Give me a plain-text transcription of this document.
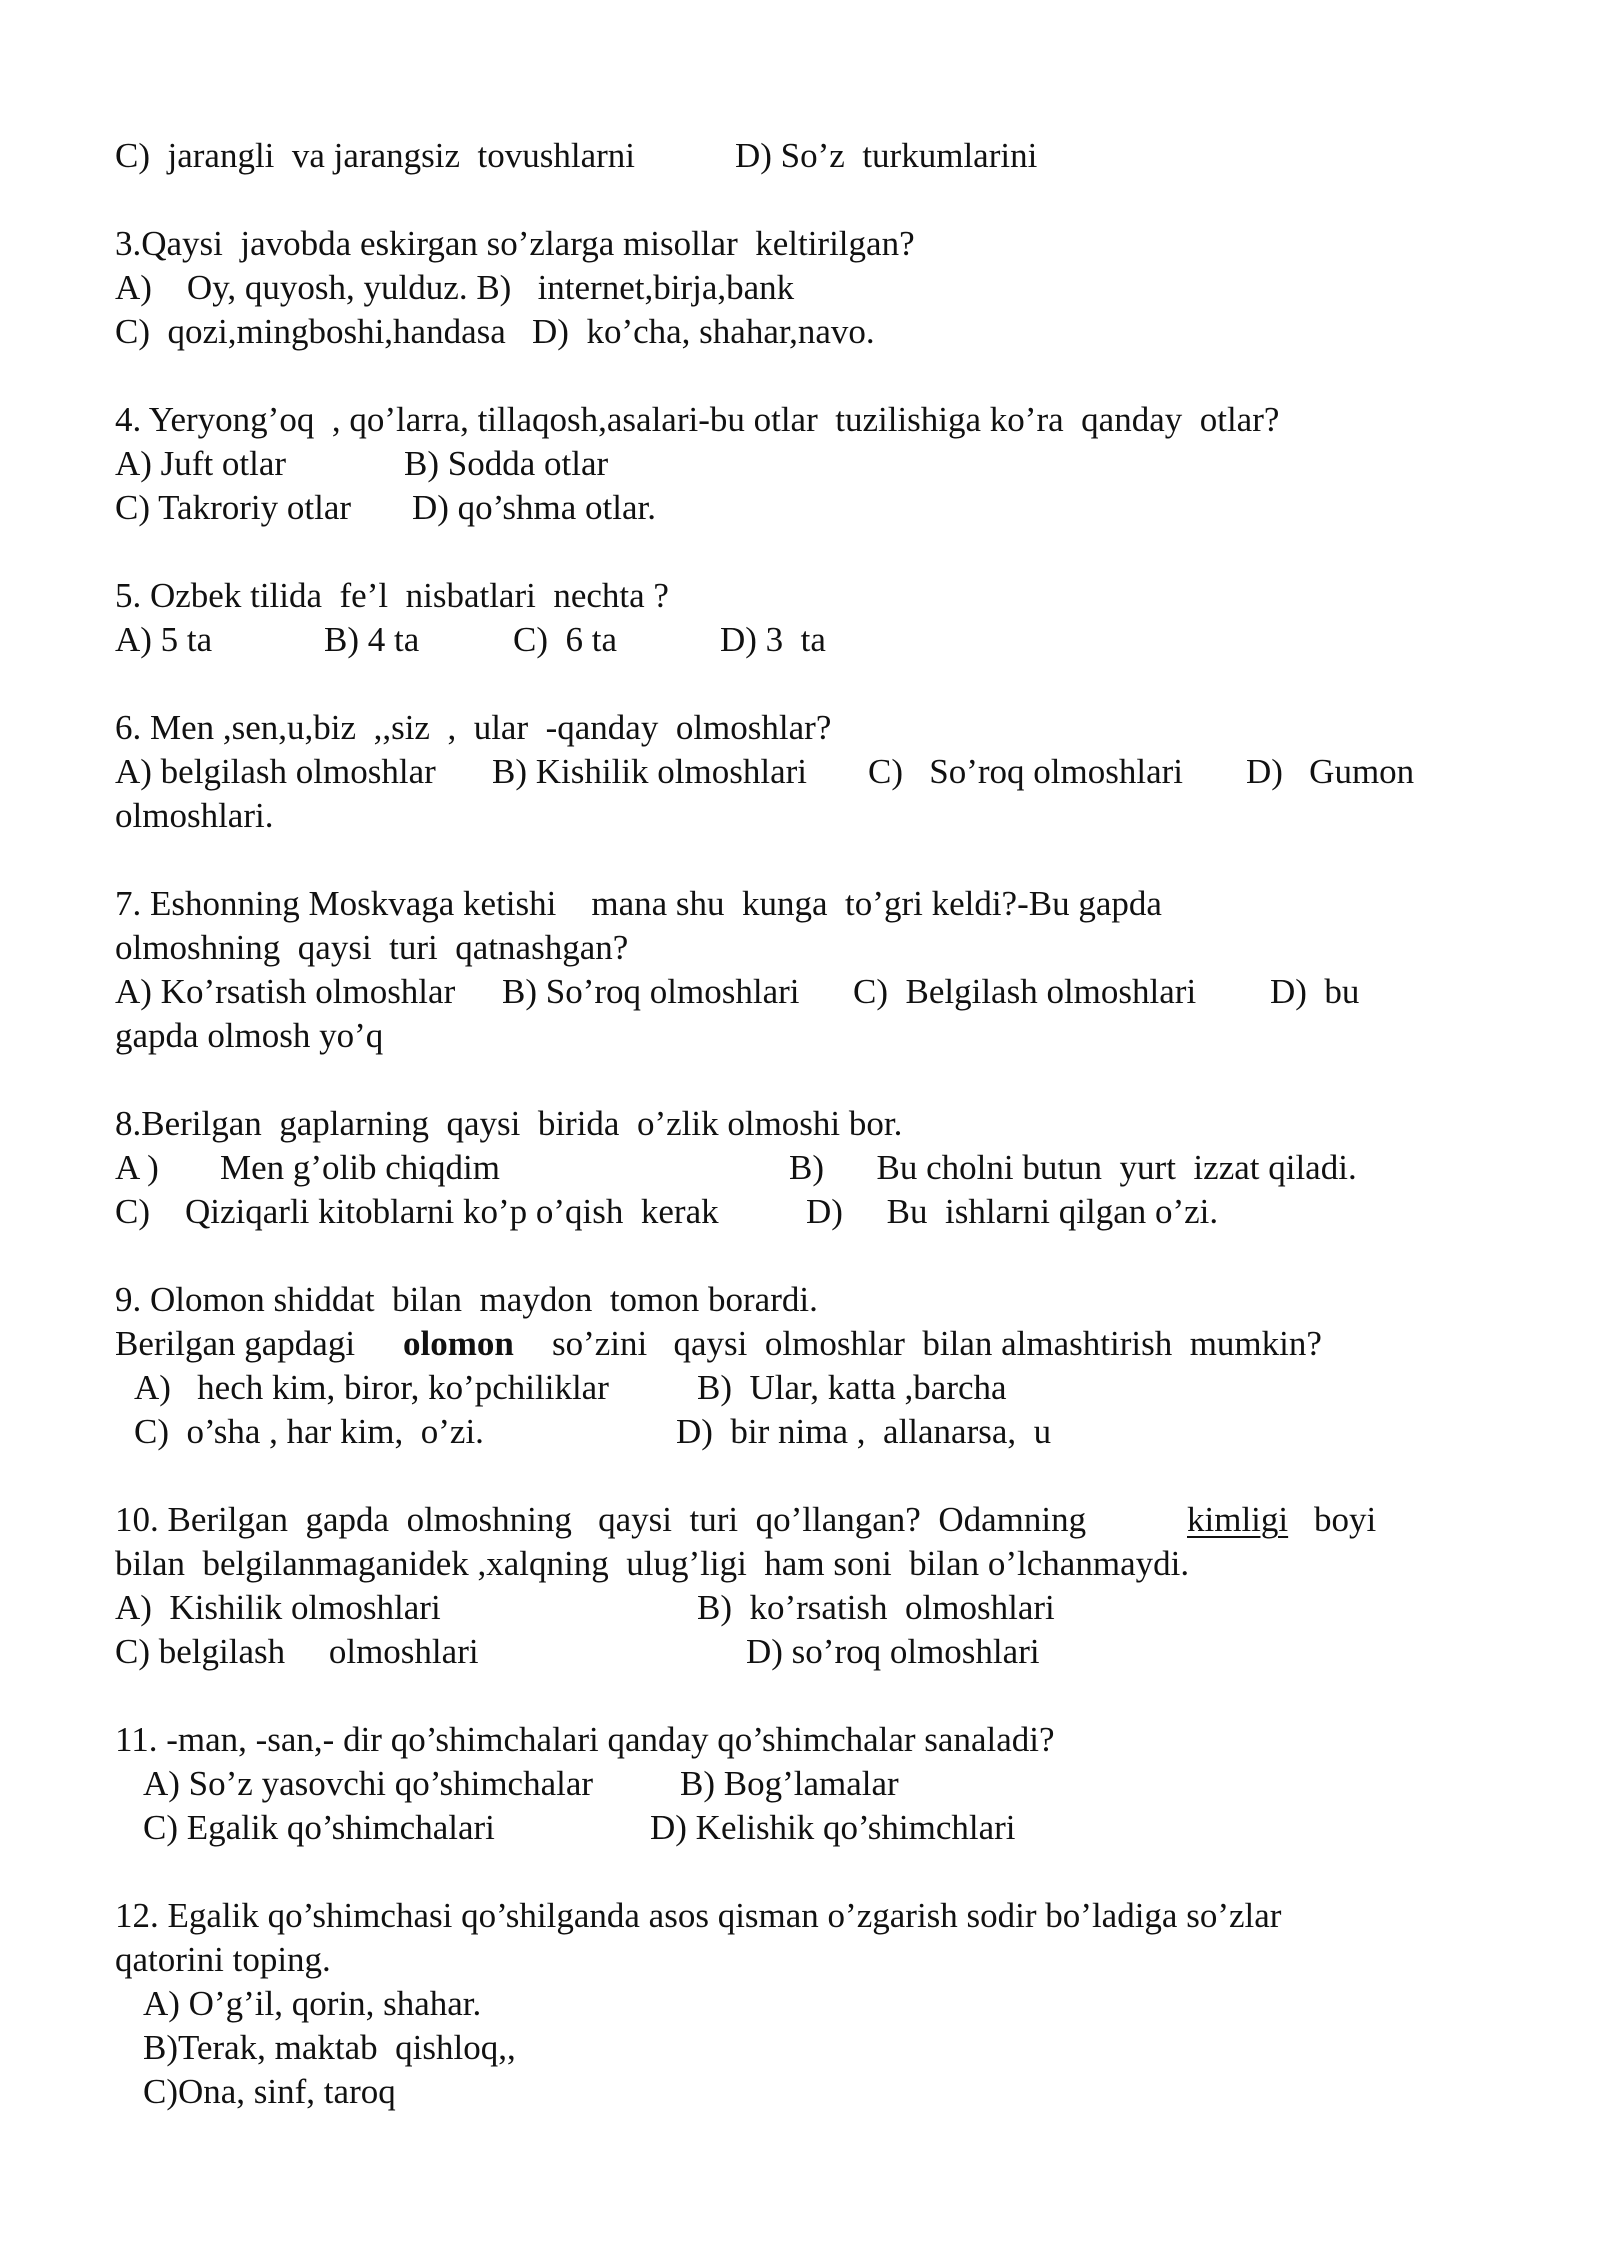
C)  jarangli  va jarangsiz  tovushlarni	D) So’z  turkumlarini

3.Qaysi  javobda eskirgan so’zlarga misollar  keltirilgan?

A)    Oy, quyosh, yulduz. B)   internet,birja,bank

C)  qozi,mingboshi,handasa   D)  ko’cha, shahar,navo.

4. Yeryong’oq  , qo’larra, tillaqosh,asalari-bu otlar  tuzilishiga ko’ra  qanday  otlar?

A) Juft otlar	B) Sodda otlar

C) Takroriy otlar D) qo’shma otlar.

5. Ozbek tilida  fe’l  nisbatlari  nechta ?

A) 5 ta	B) 4 ta	C)  6 ta	D) 3  ta

6. Men ,sen,u,biz  ,,siz  ,  ular  -qanday  olmoshlar?

A) belgilash olmoshlar B) Kishilik olmoshlari C)   So’roq olmoshlari D)   Gumon

olmoshlari.

7. Eshonning Moskvaga ketishi    mana shu  kunga  to’gri keldi?-Bu gapda

olmoshning  qaysi  turi  qatnashgan?

A) Ko’rsatish olmoshlar B) So’roq olmoshlari C)  Belgilash olmoshlari D)  bu

gapda olmosh yo’q

8.Berilgan  gaplarning  qaysi  birida  o’zlik olmoshi bor.

A )       Men g’olib chiqdim	B)      Bu cholni butun  yurt  izzat qiladi.

C)    Qiziqarli kitoblarni ko’p o’qish  kerak D)     Bu  ishlarni qilgan o’zi.

9. Olomon shiddat  bilan  maydon  tomon borardi.

Berilgan gapdagi olomon so’zini   qaysi  olmoshlar  bilan almashtirish  mumkin?

A)   hech kim, biror, ko’pchiliklar	B)  Ular, katta ,barcha

C)  o’sha , har kim,  o’zi.	D)  bir nima ,  allanarsa,  u

10. Berilgan  gapda  olmoshning   qaysi  turi  qo’llangan?  Odamning	kimligi boyi

bilan  belgilanmaganidek ,xalqning  ulug’ligi  ham soni  bilan o’lchanmaydi.

A)  Kishilik olmoshlari	B)  ko’rsatish  olmoshlari

C) belgilash     olmoshlari	D) so’roq olmoshlari

11. -man, -san,- dir qo’shimchalari qanday qo’shimchalar sanaladi?

A) So’z yasovchi qo’shimchalar B) Bog’lamalar

C) Egalik qo’shimchalari	D) Kelishik qo’shimchlari

12. Egalik qo’shimchasi qo’shilganda asos qisman o’zgarish sodir bo’ladiga so’zlar

qatorini toping.

A) O’g’il, qorin, shahar.

B)Terak, maktab  qishloq,,

C)Ona, sinf, taroq
